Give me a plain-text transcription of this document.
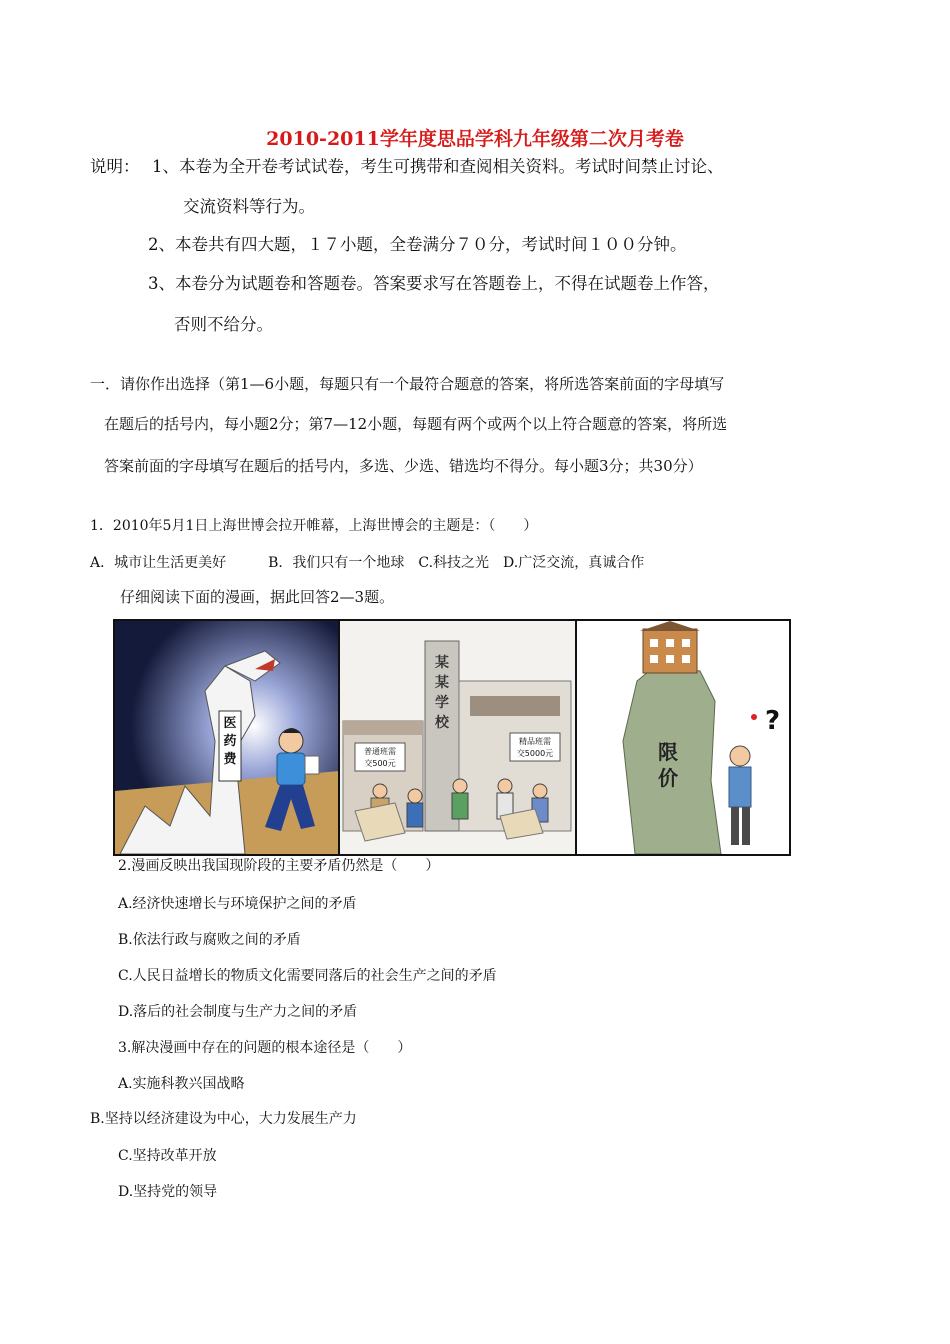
2010-2011学年度思品学科九年级第二次月考卷
说明： 1、本卷为全开卷考试试卷，考生可携带和查阅相关资料。考试时间禁止讨论、
交流资料等行为。
2、本卷共有四大题，１７小题，全卷满分７０分，考试时间１００分钟。
3、本卷分为试题卷和答题卷。答案要求写在答题卷上，不得在试题卷上作答，
否则不给分。
一．请你作出选择（第1—6小题，每题只有一个最符合题意的答案，将所选答案前面的字母填写
在题后的括号内，每小题2分；第7—12小题，每题有两个或两个以上符合题意的答案，将所选
答案前面的字母填写在题后的括号内，多选、少选、错选均不得分。每小题3分；共30分）
1．2010年5月1日上海世博会拉开帷幕，上海世博会的主题是：（　　）
A．城市让生活更美好　　　B．我们只有一个地球　C.科技之光　D.广泛交流，真诚合作
仔细阅读下面的漫画，据此回答2—3题。
医
药
费
某
某
学
校
普通班需
交500元
精品班需
交5000元	限
价
?
2.漫画反映出我国现阶段的主要矛盾仍然是（　　）
A.经济快速增长与环境保护之间的矛盾
B.依法行政与腐败之间的矛盾
C.人民日益增长的物质文化需要同落后的社会生产之间的矛盾
D.落后的社会制度与生产力之间的矛盾
3.解决漫画中存在的问题的根本途径是（　　）
A.实施科教兴国战略
B.坚持以经济建设为中心，大力发展生产力
C.坚持改革开放
D.坚持党的领导
